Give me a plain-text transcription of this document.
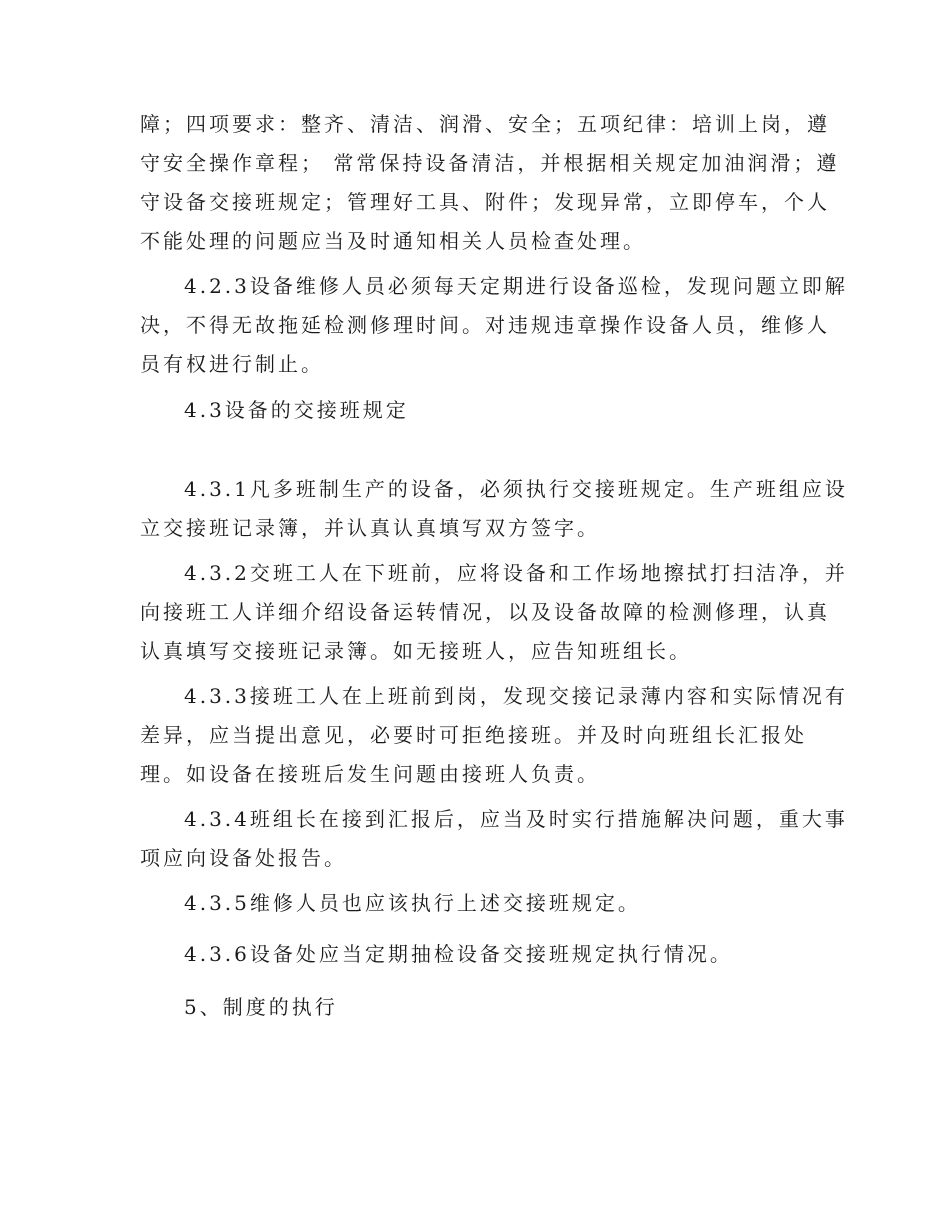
障；四项要求：整齐、清洁、润滑、安全；五项纪律：培训上岗，遵
守安全操作章程； 常常保持设备清洁，并根据相关规定加油润滑；遵
守设备交接班规定；管理好工具、附件；发现异常，立即停车，个人
不能处理的问题应当及时通知相关人员检查处理。
4.2.3设备维修人员必须每天定期进行设备巡检，发现问题立即解
决，不得无故拖延检测修理时间。对违规违章操作设备人员，维修人
员有权进行制止。
4.3设备的交接班规定
4.3.1凡多班制生产的设备，必须执行交接班规定。生产班组应设
立交接班记录簿，并认真认真填写双方签字。
4.3.2交班工人在下班前，应将设备和工作场地擦拭打扫洁净，并
向接班工人详细介绍设备运转情况，以及设备故障的检测修理，认真
认真填写交接班记录簿。如无接班人，应告知班组长。
4.3.3接班工人在上班前到岗，发现交接记录薄内容和实际情况有
差异，应当提出意见，必要时可拒绝接班。并及时向班组长汇报处
理。如设备在接班后发生问题由接班人负责。
4.3.4班组长在接到汇报后，应当及时实行措施解决问题，重大事
项应向设备处报告。
4.3.5维修人员也应该执行上述交接班规定。
4.3.6设备处应当定期抽检设备交接班规定执行情况。
5、制度的执行
